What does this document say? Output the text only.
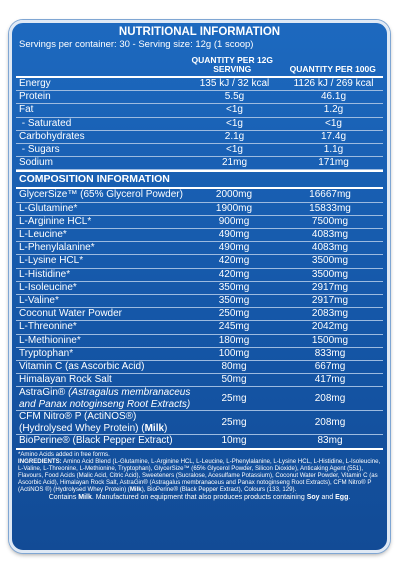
NUTRITIONAL INFORMATION
Servings per container: 30 - Serving size: 12g (1 scoop)
QUANTITY PER 12G SERVING	QUANTITY PER 100G
Energy	135 kJ / 32 kcal	1126 kJ / 269 kcal
Protein	5.5g	46.1g
Fat	<1g	1.2g
- Saturated	<1g	<1g
Carbohydrates	2.1g	17.4g
- Sugars	<1g	1.1g
Sodium	21mg	171mg
COMPOSITION INFORMATION
GlycerSize™ (65% Glycerol Powder)	2000mg	16667mg
L-Glutamine*	1900mg	15833mg
L-Arginine HCL*	900mg	7500mg
L-Leucine*	490mg	4083mg
L-Phenylalanine*	490mg	4083mg
L-Lysine HCL*	420mg	3500mg
L-Histidine*	420mg	3500mg
L-Isoleucine*	350mg	2917mg
L-Valine*	350mg	2917mg
Coconut Water Powder	250mg	2083mg
L-Threonine*	245mg	2042mg
L-Methionine*	180mg	1500mg
Tryptophan*	100mg	833mg
Vitamin C (as Ascorbic Acid)	80mg	667mg
Himalayan Rock Salt	50mg	417mg
AstraGin® (Astragalus membranaceus
and Panax notoginseng Root Extracts)
25mg	208mg
CFM Nitro® P (ActiNOS®)
(Hydrolysed Whey Protein) (Milk)
25mg	208mg
BioPerine® (Black Pepper Extract)	10mg	83mg
*Amino Acids added in free forms.
INGREDIENTS: Amino Acid Blend (L-Glutamine, L-Arginine HCL, L-Leucine, L-Phenylalanine, L-Lysine HCL, L-Histidine, L-Isoleucine, L-Valine, L-Threonine, L-Methionine, Tryptophan), GlycerSize™ (65% Glycerol Powder, Silicon Dioxide), Anticaking Agent (551), Flavours, Food Acids (Malic Acid, Citric Acid), Sweeteners (Sucralose, Acesulfame Potassium), Coconut Water Powder, Vitamin C (as Ascorbic Acid), Himalayan Rock Salt, AstraGin® (Astragalus membranaceus and Panax notoginseng Root Extracts), CFM Nitro® P (ActiNOS ®) (Hydrolysed Whey Protein) (Milk), BioPerine® (Black Pepper Extract), Colours (133, 129).
Contains Milk. Manufactured on equipment that also produces products containing Soy and Egg.
